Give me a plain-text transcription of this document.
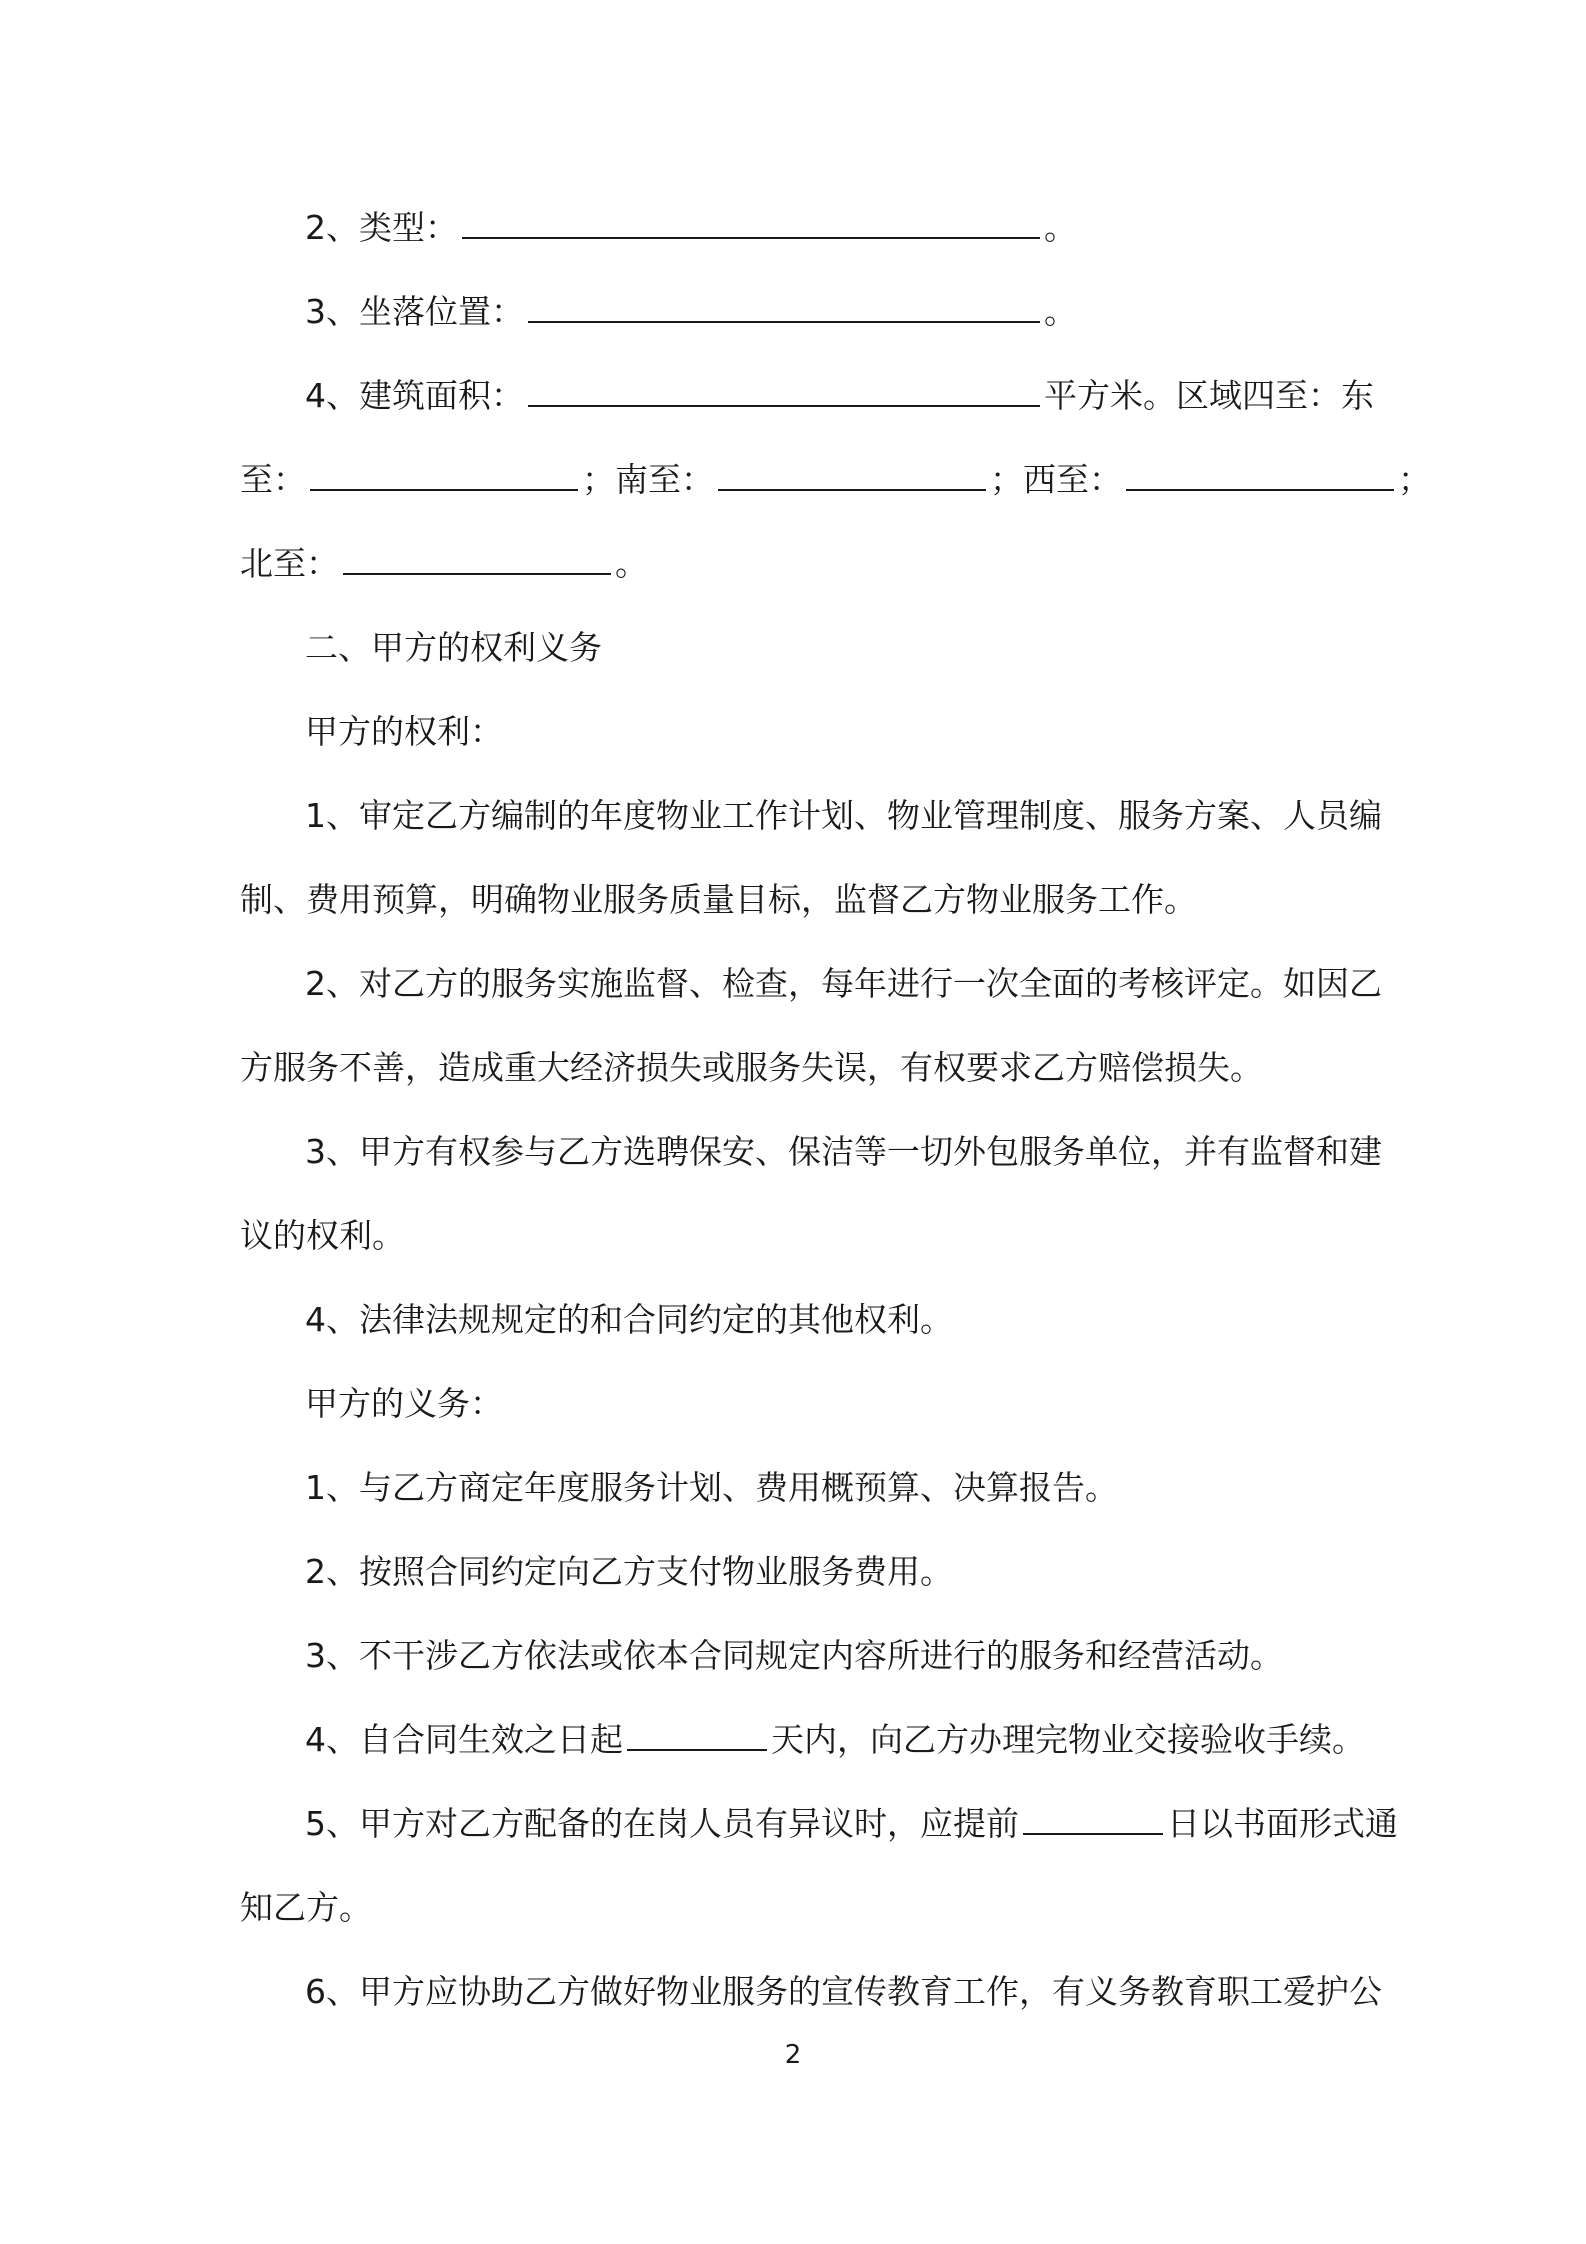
2、类型：	。
3、坐落位置：	。
4、建筑面积：	平方米。区域四至：东
至：	；南至：	；西至：	；
北至：	。
二、甲方的权利义务
甲方的权利：
1、审定乙方编制的年度物业工作计划、物业管理制度、服务方案、人员编
制、费用预算，明确物业服务质量目标，监督乙方物业服务工作。
2、对乙方的服务实施监督、检查，每年进行一次全面的考核评定。如因乙
方服务不善，造成重大经济损失或服务失误，有权要求乙方赔偿损失。
3、甲方有权参与乙方选聘保安、保洁等一切外包服务单位，并有监督和建
议的权利。
4、法律法规规定的和合同约定的其他权利。
甲方的义务：
1、与乙方商定年度服务计划、费用概预算、决算报告。
2、按照合同约定向乙方支付物业服务费用。
3、不干涉乙方依法或依本合同规定内容所进行的服务和经营活动。
4、自合同生效之日起	天内，向乙方办理完物业交接验收手续。
5、甲方对乙方配备的在岗人员有异议时，应提前	日以书面形式通
知乙方。
6、甲方应协助乙方做好物业服务的宣传教育工作，有义务教育职工爱护公
2
